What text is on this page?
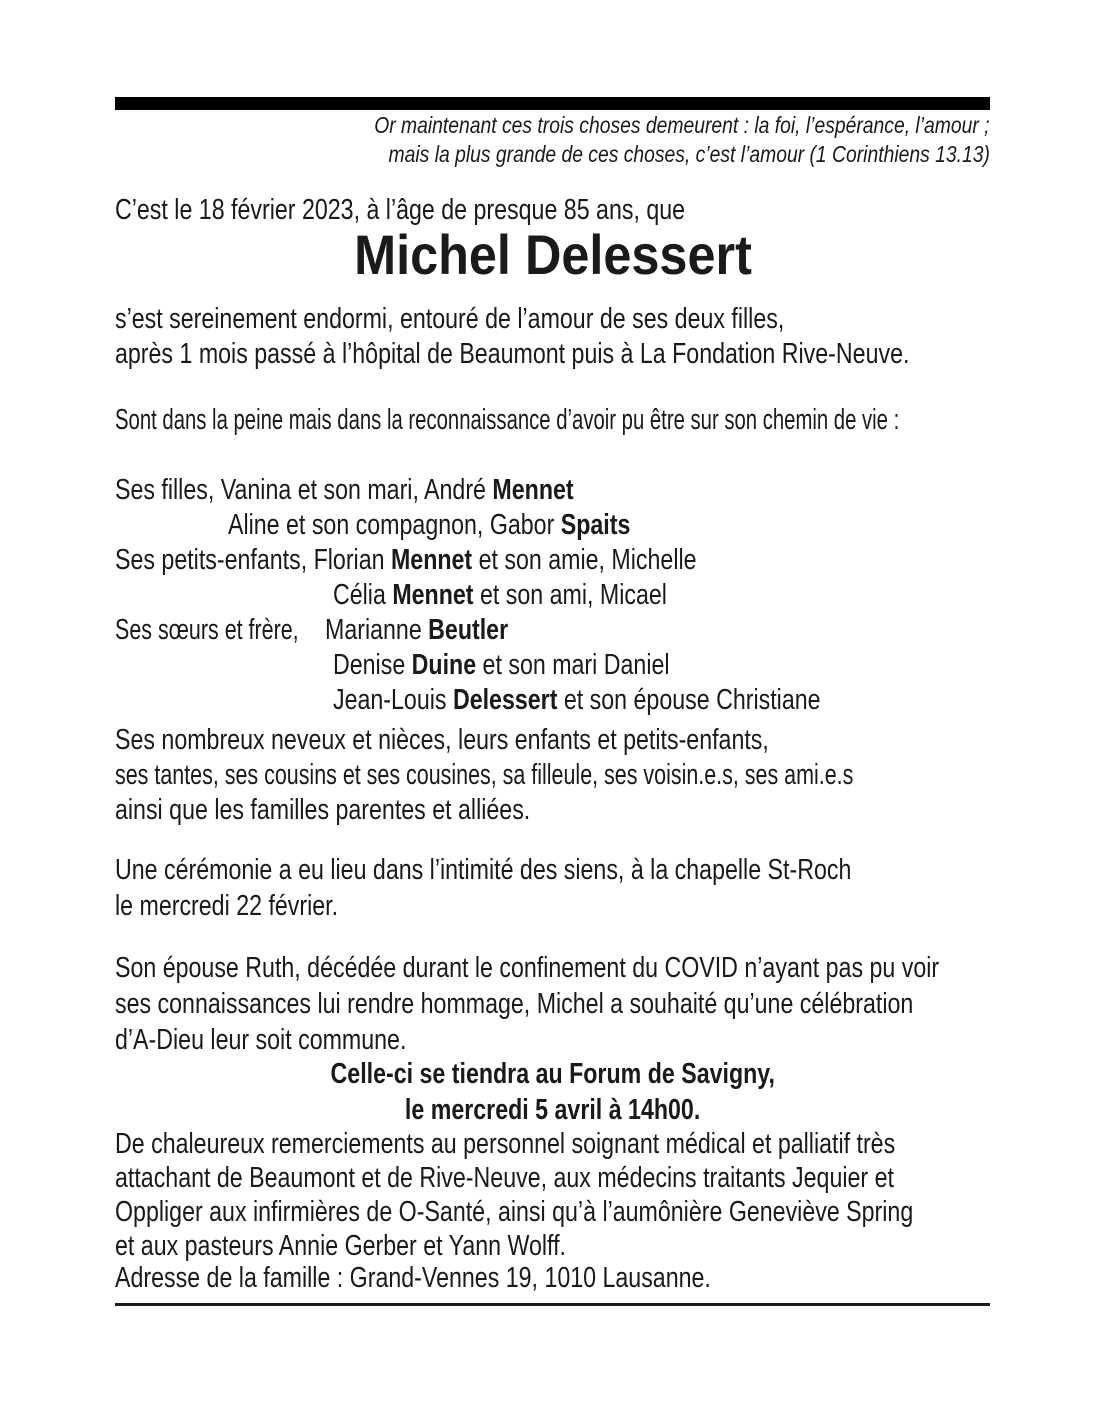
Or maintenant ces trois choses demeurent : la foi, l’espérance, l’amour ;
mais la plus grande de ces choses, c’est l’amour (1 Corinthiens 13.13)
C’est le 18 février 2023, à l’âge de presque 85 ans, que
Michel Delessert
s’est sereinement endormi, entouré de l’amour de ses deux filles,
après 1 mois passé à l’hôpital de Beaumont puis à La Fondation Rive-Neuve.
Sont dans la peine mais dans la reconnaissance d’avoir pu être sur son chemin de vie :
Ses filles, Vanina et son mari, André Mennet
Aline et son compagnon, Gabor Spaits
Ses petits-enfants, Florian Mennet et son amie, Michelle
Célia Mennet et son ami, Micael
Ses sœurs et frère, Marianne Beutler
Denise Duine et son mari Daniel
Jean-Louis Delessert et son épouse Christiane
Ses nombreux neveux et nièces, leurs enfants et petits-enfants,
ses tantes, ses cousins et ses cousines, sa filleule, ses voisin.e.s, ses ami.e.s
ainsi que les familles parentes et alliées.
Une cérémonie a eu lieu dans l’intimité des siens, à la chapelle St-Roch
le mercredi 22 février.
Son épouse Ruth, décédée durant le confinement du COVID n’ayant pas pu voir
ses connaissances lui rendre hommage, Michel a souhaité qu’une célébration
d’A-Dieu leur soit commune.
Celle-ci se tiendra au Forum de Savigny,
le mercredi 5 avril à 14h00.
De chaleureux remerciements au personnel soignant médical et palliatif très
attachant de Beaumont et de Rive-Neuve, aux médecins traitants Jequier et
Oppliger aux infirmières de O-Santé, ainsi qu’à l’aumônière Geneviève Spring
et aux pasteurs Annie Gerber et Yann Wolff.
Adresse de la famille : Grand-Vennes 19, 1010 Lausanne.
